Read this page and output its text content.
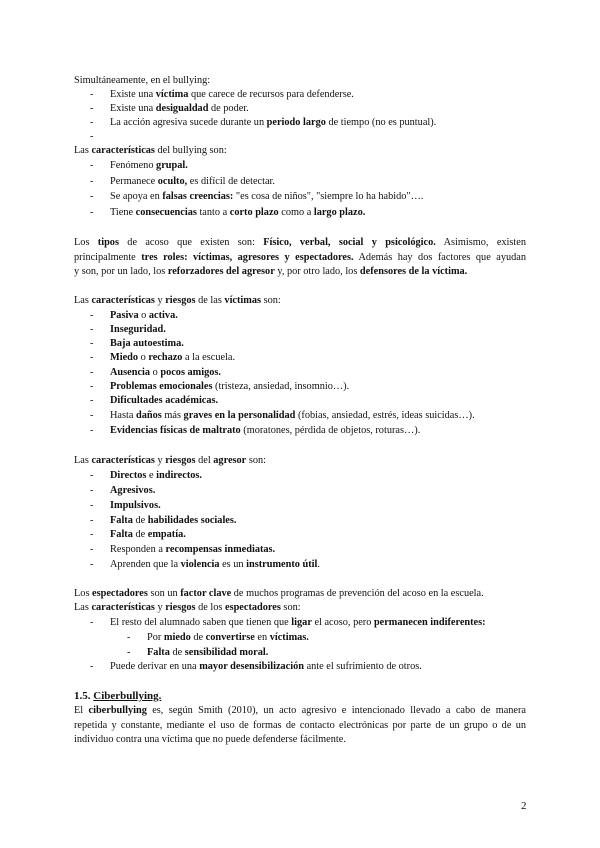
Simultáneamente, en el bullying:
- Existe una víctima que carece de recursos para defenderse.
- Existe una desigualdad de poder.
- La acción agresiva sucede durante un periodo largo de tiempo (no es puntual).
-
Las características del bullying son:
- Fenómeno grupal.
- Permanece oculto, es difícil de detectar.
- Se apoya en falsas creencias: "es cosa de niños", "siempre lo ha habido"….
- Tiene consecuencias tanto a corto plazo como a largo plazo.

Los tipos de acoso que existen son: Físico, verbal, social y psicológico. Asimismo, existen

principalmente tres roles: víctimas, agresores y espectadores. Además hay dos factores que ayudan

y son, por un lado, los reforzadores del agresor y, por otro lado, los defensores de la víctima.

Las características y riesgos de las víctimas son:
- Pasiva o activa.
- Inseguridad.
- Baja autoestima.
- Miedo o rechazo a la escuela.
- Ausencia o pocos amigos.
- Problemas emocionales (tristeza, ansiedad, insomnio…).
- Dificultades académicas.
- Hasta daños más graves en la personalidad (fobias, ansiedad, estrés, ideas suicidas…).
- Evidencias físicas de maltrato (moratones, pérdida de objetos, roturas…).
Las características y riesgos del agresor son:
- Directos e indirectos.
- Agresivos.
- Impulsivos.
- Falta de habilidades sociales.
- Falta de empatía.
- Responden a recompensas inmediatas.
- Aprenden que la violencia es un instrumento útil.
Los espectadores son un factor clave de muchos programas de prevención del acoso en la escuela.
Las características y riesgos de los espectadores son:
- El resto del alumnado saben que tienen que ligar el acoso, pero permanecen indiferentes:
- Por miedo de convertirse en víctimas.
- Falta de sensibilidad moral.
- Puede derivar en una mayor desensibilización ante el sufrimiento de otros.
1.5. Ciberbullying.

El ciberbullying es, según Smith (2010), un acto agresivo e intencionado llevado a cabo de manera

repetida y constante, mediante el uso de formas de contacto electrónicas por parte de un grupo o de un

individuo contra una víctima que no puede defenderse fácilmente.

2
